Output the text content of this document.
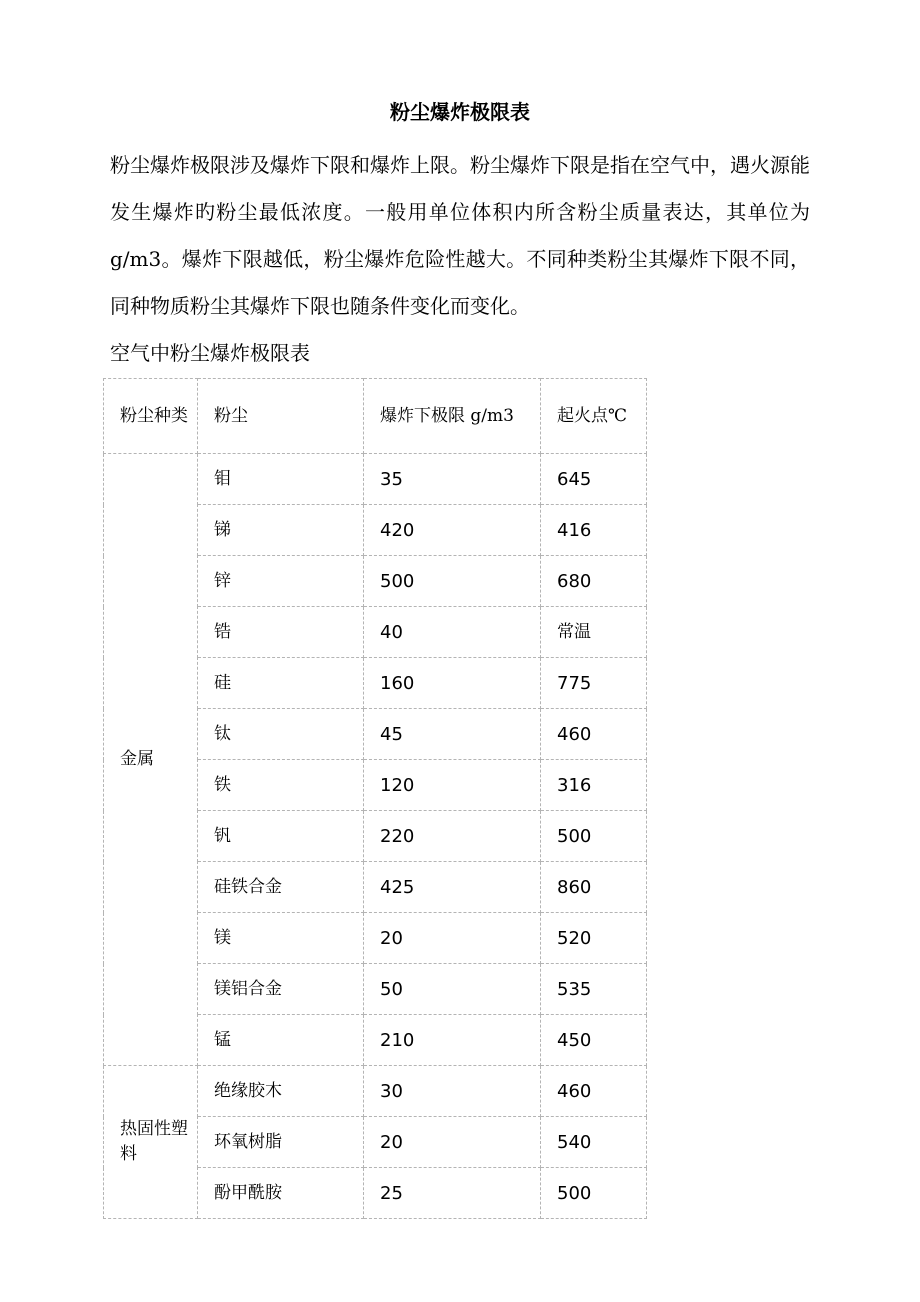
粉尘爆炸极限表

粉尘爆炸极限涉及爆炸下限和爆炸上限。粉尘爆炸下限是指在空气中，遇火源能发生爆炸旳粉尘最低浓度。一般用单位体积内所含粉尘质量表达，其单位为 g/m3。爆炸下限越低，粉尘爆炸危险性越大。不同种类粉尘其爆炸下限不同，同种物质粉尘其爆炸下限也随条件变化而变化。

空气中粉尘爆炸极限表
粉尘种类	粉尘	爆炸下极限 g/m3	起火点℃
金属	钼	35	645
	锑	420	416
	锌	500	680
	锆	40	常温
	硅	160	775
	钛	45	460
	铁	120	316
	钒	220	500
	硅铁合金	425	860
	镁	20	520
	镁铝合金	50	535
	锰	210	450
热固性塑料	绝缘胶木	30	460
	环氧树脂	20	540
	酚甲酰胺	25	500
